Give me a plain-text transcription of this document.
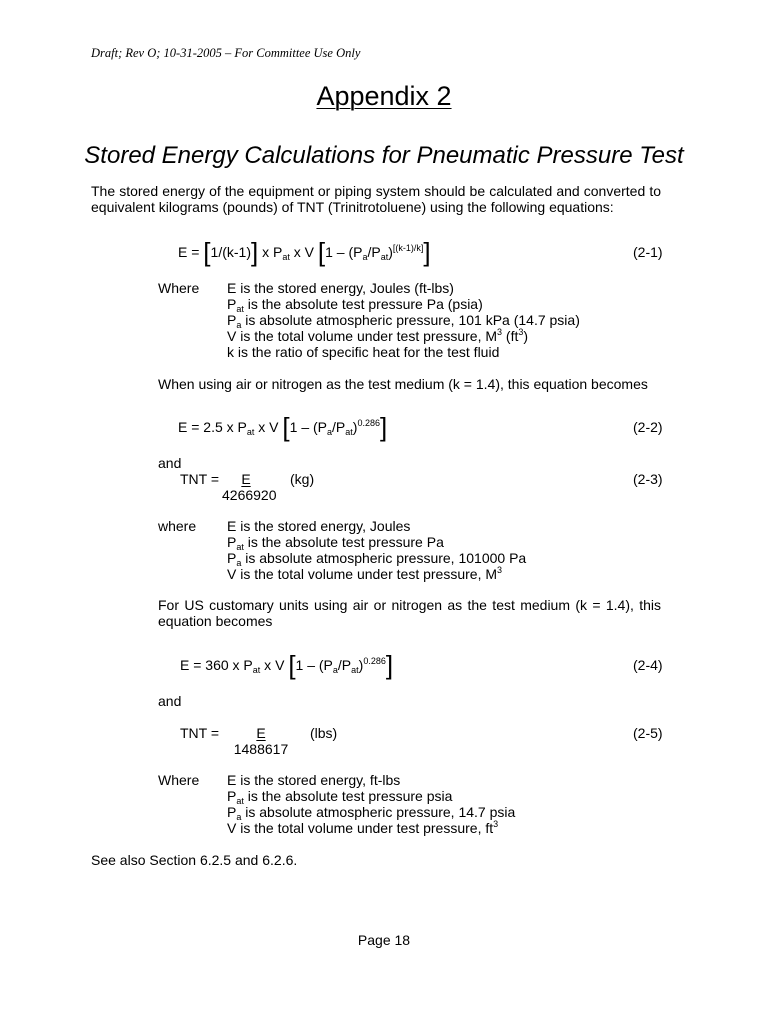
Draft; Rev O; 10-31-2005 – For Committee Use Only
Appendix 2
Stored Energy Calculations for Pneumatic Pressure Test
The stored energy of the equipment or piping system should be calculated and converted to
equivalent kilograms (pounds) of TNT (Trinitrotoluene) using the following equations:
E = [1/(k-1)] x $P_{at}$ x V $[1 - (P_a/P_{at})[(k-1)/k]]$	(2-1)
Where E is the stored energy, Joules (ft-lbs)
$P_{at}$ is the absolute test pressure Pa (psia)
$P_a$ is absolute atmospheric pressure, 101 kPa (14.7 psia)
V is the total volume under test pressure, $M^3$ $(ft^3)$
k is the ratio of specific heat for the test fluid
When using air or nitrogen as the test medium (k = 1.4), this equation becomes
E = 2.5 x $P_{at}$ x V $[1 - (P_a/P_{at})^{0.286}]$	(2-2)
and
TNT = $\frac{E}{4266920} (kg)$	(2-3)
where E is the stored energy, Joules
$P_{at}$ is the absolute test pressure Pa
$P_a$ is absolute atmospheric pressure, 101000 Pa
V is the total volume under test pressure, $M^3$
For US customary units using air or nitrogen as the test medium (k = 1.4), this
equation becomes
E = 360 x $P_{at}$ x V $[1 - (P_a/P_{at})^{0.286}]$	(2-4)
and
TNT = $\frac{E}{1488617} (lbs)$	(2-5)
Where E is the stored energy, ft-lbs
$P_{at}$ is the absolute test pressure psia
$P_a$ is absolute atmospheric pressure, 14.7 psia
V is the total volume under test pressure, $ft^3$
See also Section 6.2.5 and 6.2.6.
Page 18
